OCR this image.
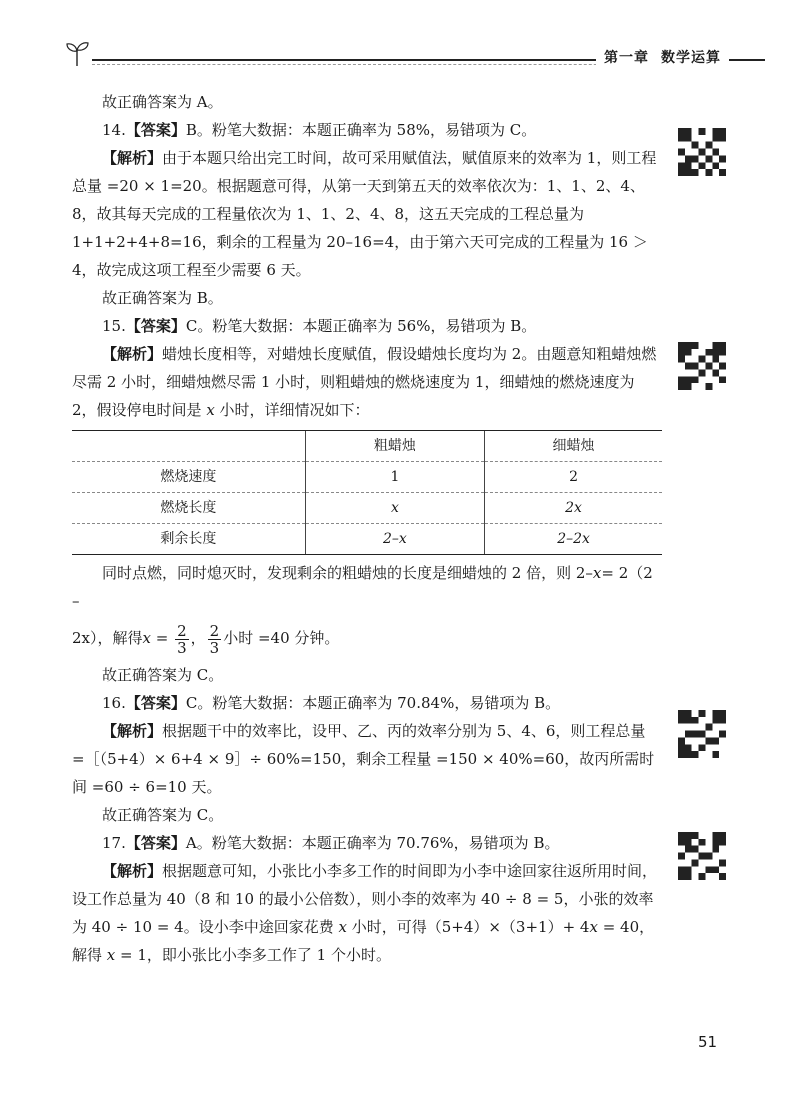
第一章 数学运算

故正确答案为 A。

14.【答案】B。粉笔大数据：本题正确率为 58%，易错项为 C。

【解析】由于本题只给出完工时间，故可采用赋值法，赋值原来的效率为 1，则工程总量 =20 × 1=20。根据题意可得，从第一天到第五天的效率依次为：1、1、2、4、8，故其每天完成的工程量依次为 1、1、2、4、8，这五天完成的工程总量为 1+1+2+4+8=16，剩余的工程量为 20–16=4，由于第六天可完成的工程量为 16 ＞ 4，故完成这项工程至少需要 6 天。

故正确答案为 B。

15.【答案】C。粉笔大数据：本题正确率为 56%，易错项为 B。

【解析】蜡烛长度相等，对蜡烛长度赋值，假设蜡烛长度均为 2。由题意知粗蜡烛燃尽需 2 小时，细蜡烛燃尽需 1 小时，则粗蜡烛的燃烧速度为 1，细蜡烛的燃烧速度为 2，假设停电时间是 x 小时，详细情况如下：

	粗蜡烛	细蜡烛
燃烧速度	1	2
燃烧长度	x	2x
剩余长度	2–x	2–2x

同时点燃，同时熄灭时，发现剩余的粗蜡烛的长度是细蜡烛的 2 倍，则 2–x= 2（2 –

2x），解得$x = \frac{2}{3}$ ， $\frac{2}{3}$ 小时 =40 分钟。

故正确答案为 C。

16.【答案】C。粉笔大数据：本题正确率为 70.84%，易错项为 B。

【解析】根据题干中的效率比，设甲、乙、丙的效率分别为 5、4、6，则工程总量 =［（5+4）× 6+4 × 9］÷ 60%=150，剩余工程量 =150 × 40%=60，故丙所需时间 =60 ÷ 6=10 天。

故正确答案为 C。

17.【答案】A。粉笔大数据：本题正确率为 70.76%，易错项为 B。

【解析】根据题意可知，小张比小李多工作的时间即为小李中途回家往返所用时间，设工作总量为 40（8 和 10 的最小公倍数），则小李的效率为 40 ÷ 8 = 5，小张的效率为 40 ÷ 10 = 4。设小李中途回家花费 x 小时，可得（5+4）×（3+1）+ 4x = 40，解得 x = 1，即小张比小李多工作了 1 个小时。

51
